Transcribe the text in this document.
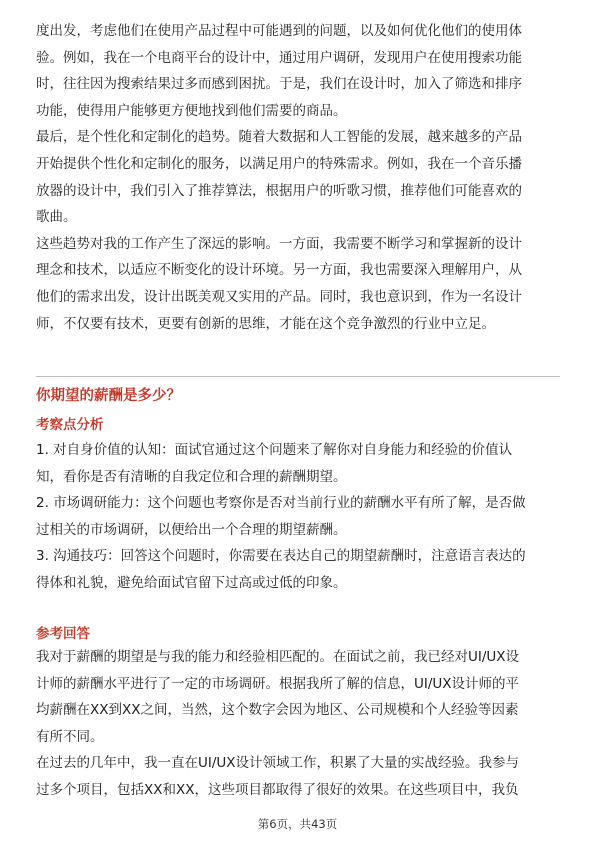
度出发，考虑他们在使用产品过程中可能遇到的问题，以及如何优化他们的使用体
验。例如，我在一个电商平台的设计中，通过用户调研，发现用户在使用搜索功能
时，往往因为搜索结果过多而感到困扰。于是，我们在设计时，加入了筛选和排序
功能，使得用户能够更方便地找到他们需要的商品。

最后，是个性化和定制化的趋势。随着大数据和人工智能的发展，越来越多的产品
开始提供个性化和定制化的服务，以满足用户的特殊需求。例如，我在一个音乐播
放器的设计中，我们引入了推荐算法，根据用户的听歌习惯，推荐他们可能喜欢的
歌曲。

这些趋势对我的工作产生了深远的影响。一方面，我需要不断学习和掌握新的设计
理念和技术，以适应不断变化的设计环境。另一方面，我也需要深入理解用户，从
他们的需求出发，设计出既美观又实用的产品。同时，我也意识到，作为一名设计
师，不仅要有技术，更要有创新的思维，才能在这个竞争激烈的行业中立足。

你期望的薪酬是多少？
考察点分析

1. 对自身价值的认知：面试官通过这个问题来了解你对自身能力和经验的价值认
知，看你是否有清晰的自我定位和合理的薪酬期望。

2. 市场调研能力：这个问题也考察你是否对当前行业的薪酬水平有所了解，是否做
过相关的市场调研，以便给出一个合理的期望薪酬。

3. 沟通技巧：回答这个问题时，你需要在表达自己的期望薪酬时，注意语言表达的
得体和礼貌，避免给面试官留下过高或过低的印象。

参考回答

我对于薪酬的期望是与我的能力和经验相匹配的。在面试之前，我已经对UI/UX设
计师的薪酬水平进行了一定的市场调研。根据我所了解的信息，UI/UX设计师的平
均薪酬在XX到XX之间，当然，这个数字会因为地区、公司规模和个人经验等因素
有所不同。

在过去的几年中，我一直在UI/UX设计领域工作，积累了大量的实战经验。我参与
过多个项目，包括XX和XX，这些项目都取得了很好的效果。在这些项目中，我负

第6页，共43页
